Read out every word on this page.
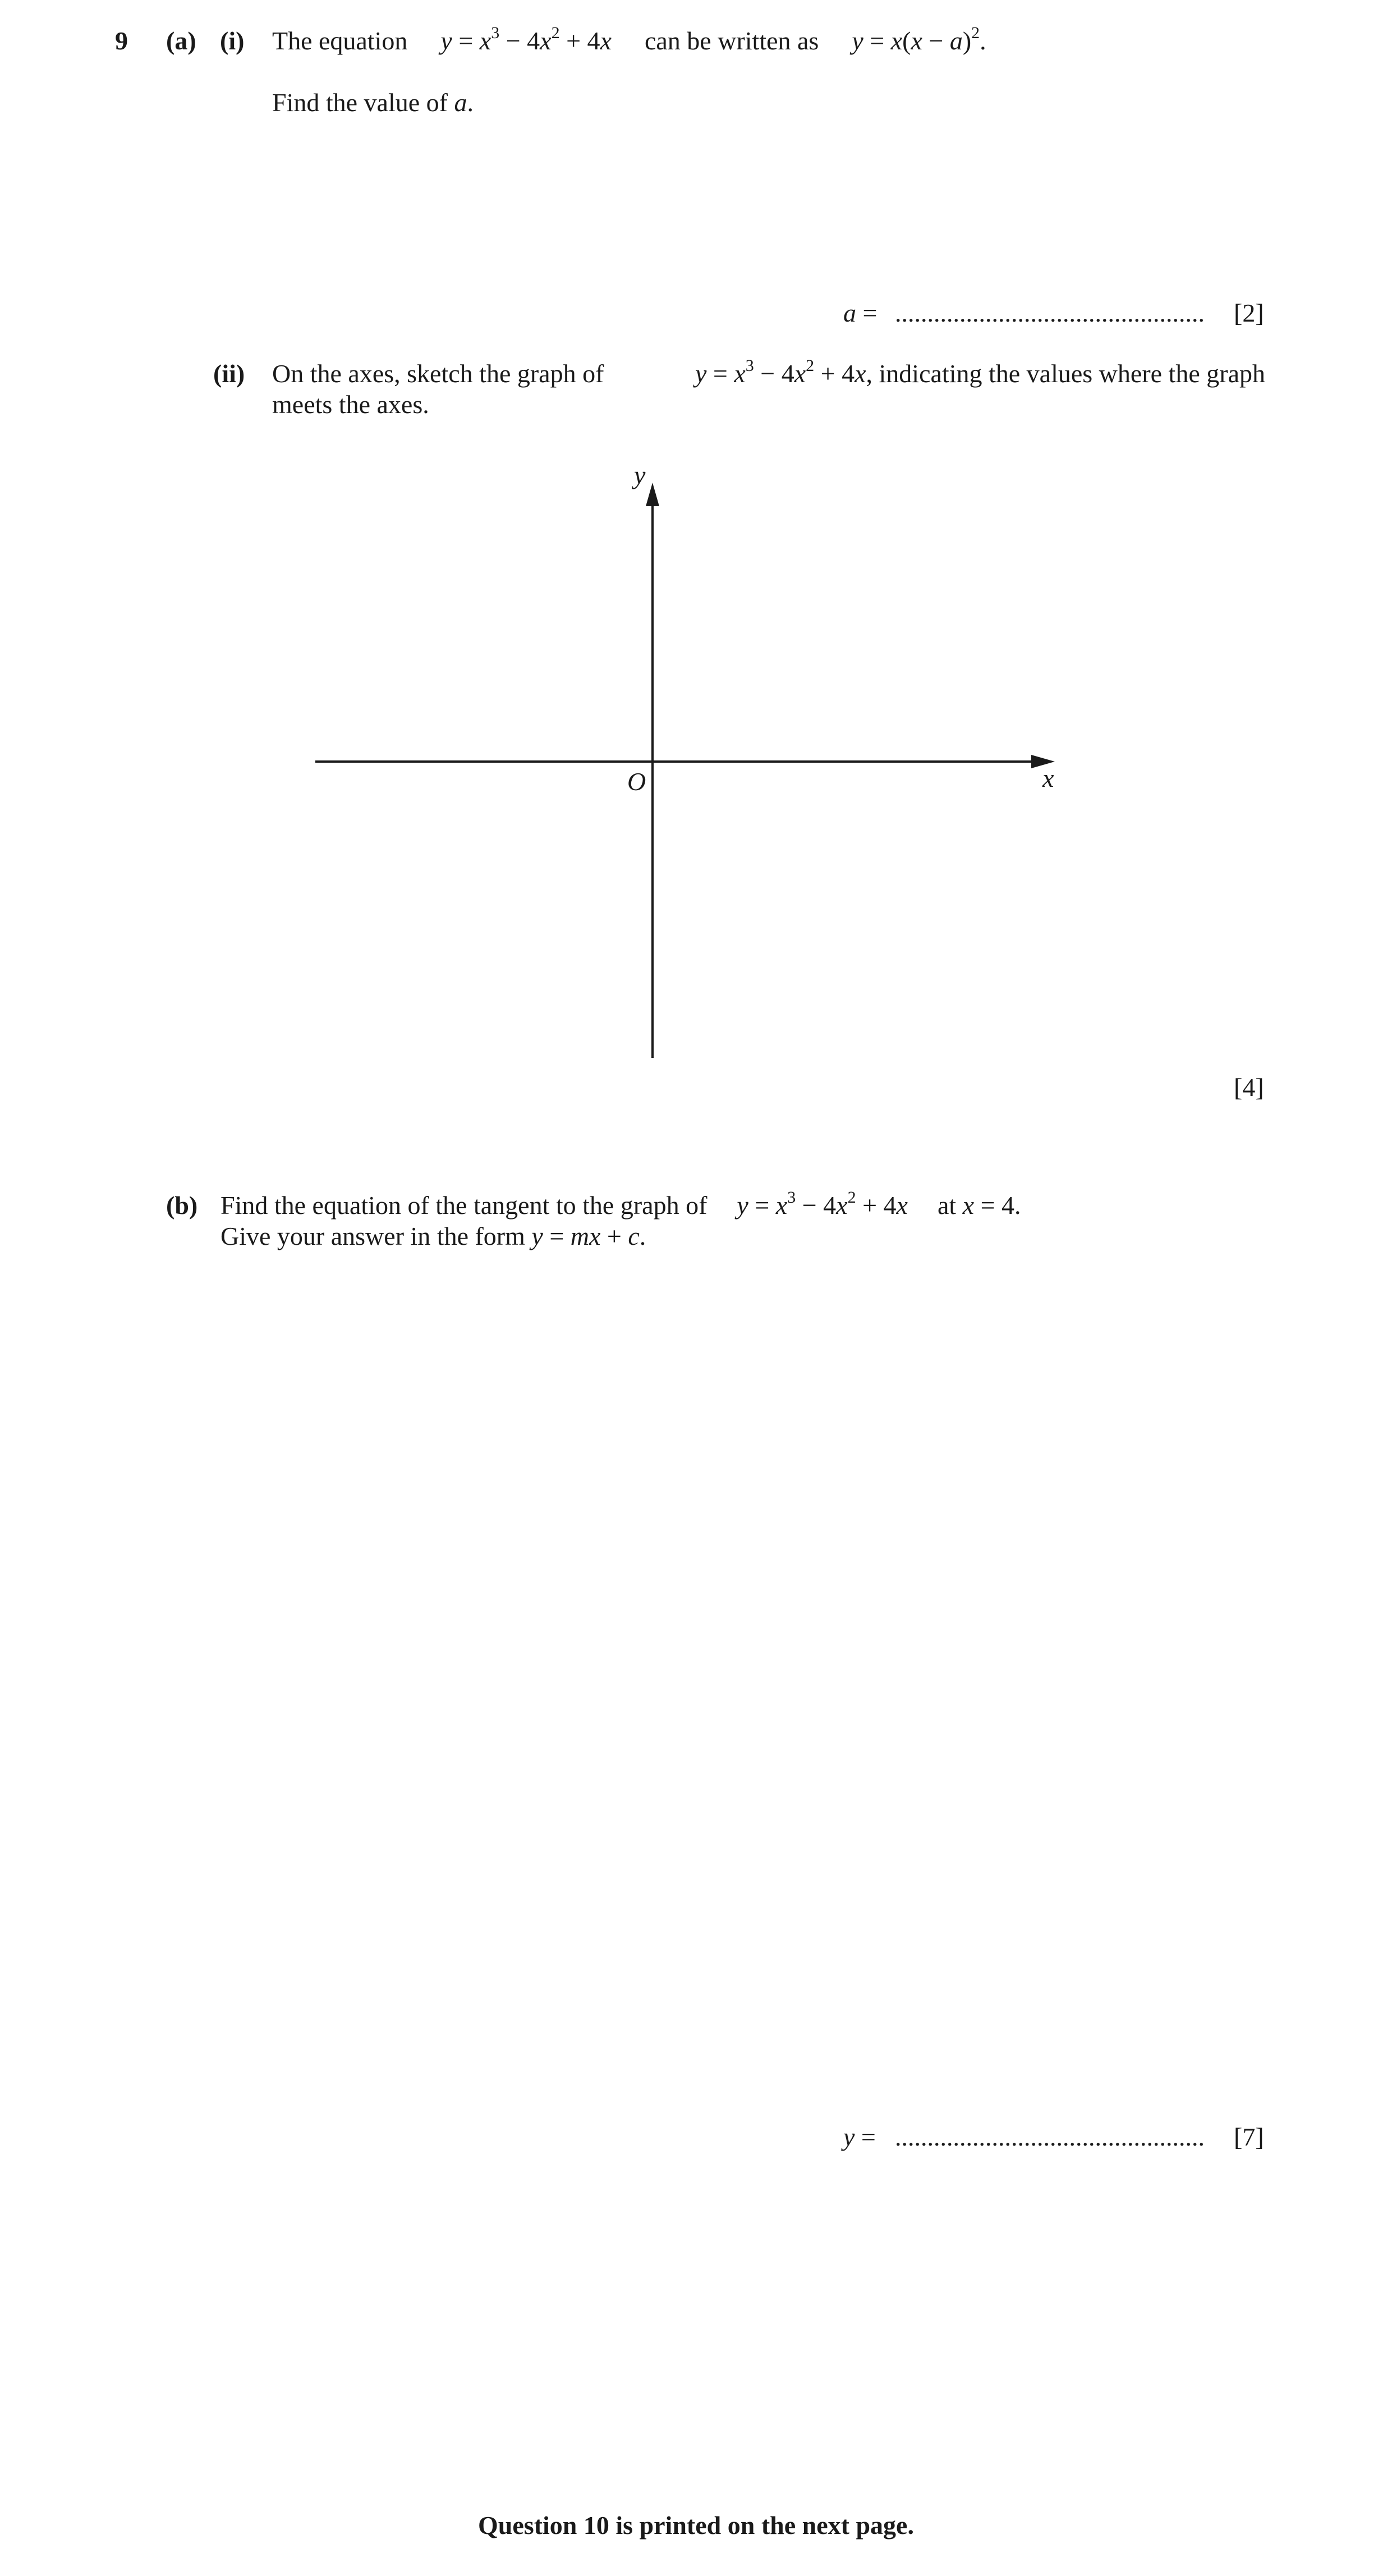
9 (a) (i) The equation $y = x^3 - 4x^2 + 4x$ can be written as $y = x(x - a)^2$.
Find the value of a.
a = ................................................ [2]
(ii) On the axes, sketch the graph of	$y = x^3 - 4x^2 + 4x$, indicating the values where the graph
meets the axes.
y
x
O
[4]
(b) Find the equation of the tangent to the graph of $y = x^3 - 4x^2 + 4x$ at x = 4.
Give your answer in the form y = mx + c.
y = ................................................ [7]
Question 10 is printed on the next page.
